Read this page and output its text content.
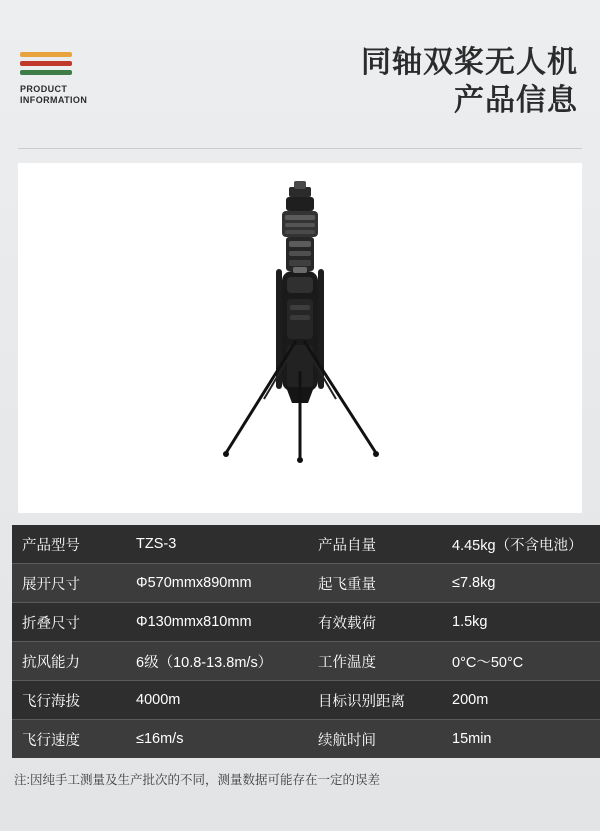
PRODUCT
INFORMATION
同轴双桨无人机
产品信息
产品型号	TZS-3	产品自量	4.45kg（不含电池）
展开尺寸	Φ570mmx890mm	起飞重量	≤7.8kg
折叠尺寸	Φ130mmx810mm	有效载荷	1.5kg
抗风能力	6级（10.8-13.8m/s）	工作温度	0°C～50°C
飞行海拔	4000m	目标识别距离	200m
飞行速度	≤16m/s	续航时间	15min
注:因纯手工测量及生产批次的不同，测量数据可能存在一定的误差
